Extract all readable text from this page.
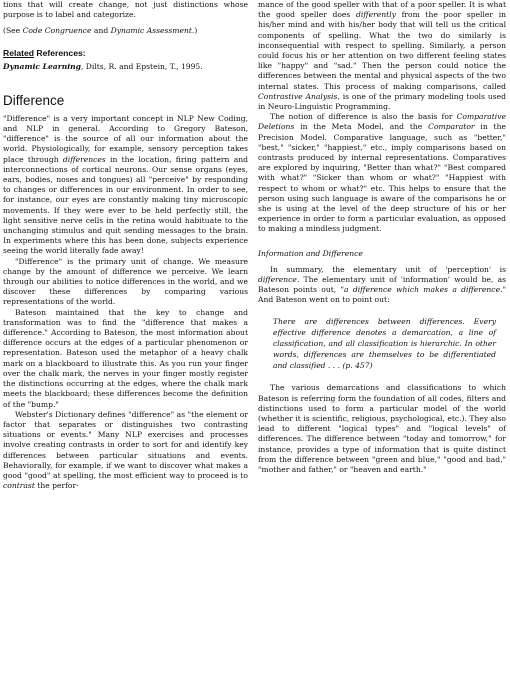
tions that will create change, not just distinctions whose purpose is to label and categorize.

(See Code Congruence and Dynamic Assessment.)

Related References:

Dynamic Learning, Dilts, R. and Epstein, T., 1995.

Difference

"Difference" is a very important concept in NLP New Coding, and NLP in general. According to Gregory Bateson, "difference" is the source of all our information about the world. Physiologically, for example, sensory perception takes place through differences in the location, firing pattern and interconnections of cortical neurons. Our sense organs (eyes, ears, bodies, noses and tongues) all "perceive" by responding to changes or differences in our environment. In order to see, for instance, our eyes are constantly making tiny microscopic movements. If they were ever to be held perfectly still, the light sensitive nerve cells in the retina would habituate to the unchanging stimulus and quit sending messages to the brain. In experiments where this has been done, subjects experience seeing the world literally fade away!

"Difference" is the primary unit of change. We measure change by the amount of difference we perceive. We learn through our abilities to notice differences in the world, and we discover these differences by comparing various representations of the world.

Bateson maintained that the key to change and transformation was to find the "difference that makes a difference." According to Bateson, the most information about difference occurs at the edges of a particular phenomenon or representation. Bateson used the metaphor of a heavy chalk mark on a blackboard to illustrate this. As you run your finger over the chalk mark, the nerves in your finger mostly register the distinctions occurring at the edges, where the chalk mark meets the blackboard; these differences become the definition of the "bump."

Webster's Dictionary defines "difference" as "the element or factor that separates or distinguishes two contrasting situations or events." Many NLP exercises and processes involve creating contrasts in order to sort for and identify key differences between particular situations and events. Behaviorally, for example, if we want to discover what makes a good "good" at spelling, the most efficient way to proceed is to contrast the perfor-

mance of the good speller with that of a poor speller. It is what the good speller does differently from the poor speller in his/her mind and with his/her body that will tell us the critical components of spelling. What the two do similarly is inconsequential with respect to spelling. Similarly, a person could focus his or her attention on two different feeling states like "happy" and "sad." Then the person could notice the differences between the mental and physical aspects of the two internal states. This process of making comparisons, called Contrastive Analysis, is one of the primary modeling tools used in Neuro-Linguistic Programming.

The notion of difference is also the basis for Comparative Deletions in the Meta Model, and the Comparator in the Precision Model. Comparative language, such as "better," "best," "sicker," "happiest," etc., imply comparisons based on contrasts produced by internal representations. Comparatives are explored by inquiring, "Better than what?" "Best compared with what?" "Sicker than whom or what?" "Happiest with respect to whom or what?" etc. This helps to ensure that the person using such language is aware of the comparisons he or she is using at the level of the deep structure of his or her experience in order to form a particular evaluation, as opposed to making a mindless judgment.

Information and Difference

In summary, the elementary unit of 'perception' is difference. The elementary unit of 'information' would be, as Bateson points out, "a difference which makes a difference." And Bateson went on to point out:

There are differences between differences. Every effective difference denotes a demarcation, a line of classification, and all classification is hierarchic. In other words, differences are themselves to be differentiated and classified . . . (p. 457)

The various demarcations and classifications to which Bateson is referring form the foundation of all codes, filters and distinctions used to form a particular model of the world (whether it is scientific, religious, psychological, etc.). They also lead to different "logical types" and "logical levels" of differences. The difference between "today and tomorrow," for instance, provides a type of information that is quite distinct from the difference between "green and blue," "good and bad," "mother and father," or "heaven and earth."
